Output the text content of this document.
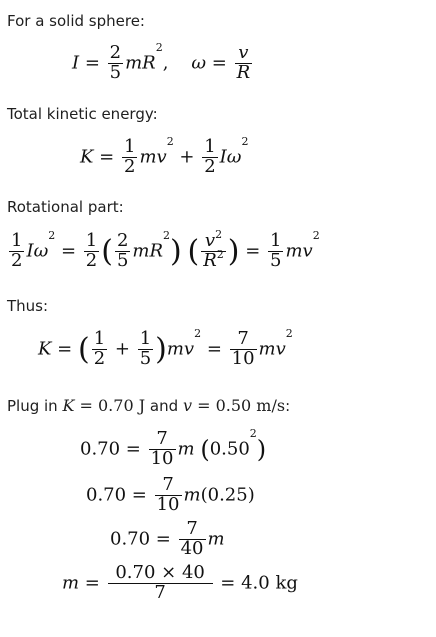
For a solid sphere:
$I = \frac{2}{5} mR^2$,    $\omega = \frac{v}{R}$
Total kinetic energy:
$K = \frac{1}{2} mv^2 + \frac{1}{2} I\omega^2$
Rotational part:
$\frac{1}{2} I\omega^2 = \frac{1}{2}$ ( $\frac{2}{5} mR^2$) ( $\frac{v^2}{R^2}$ ) = $\frac{1}{5} mv^2$
Thus:
K = ( $\frac{1}{2} + \frac{1}{5} )mv^2 = \frac{7}{10} mv^2$
Plug in K = 0.70 J and v = 0.50 m/s:
$0.70 = \frac{7}{10}$ m (0.50$^2$)
$0.70 = \frac{7}{10} m(0.25)$
$0.70 = \frac{7}{40}$ m
$m = \frac{0.70 \times 40}{7} = 4.0$ kg
